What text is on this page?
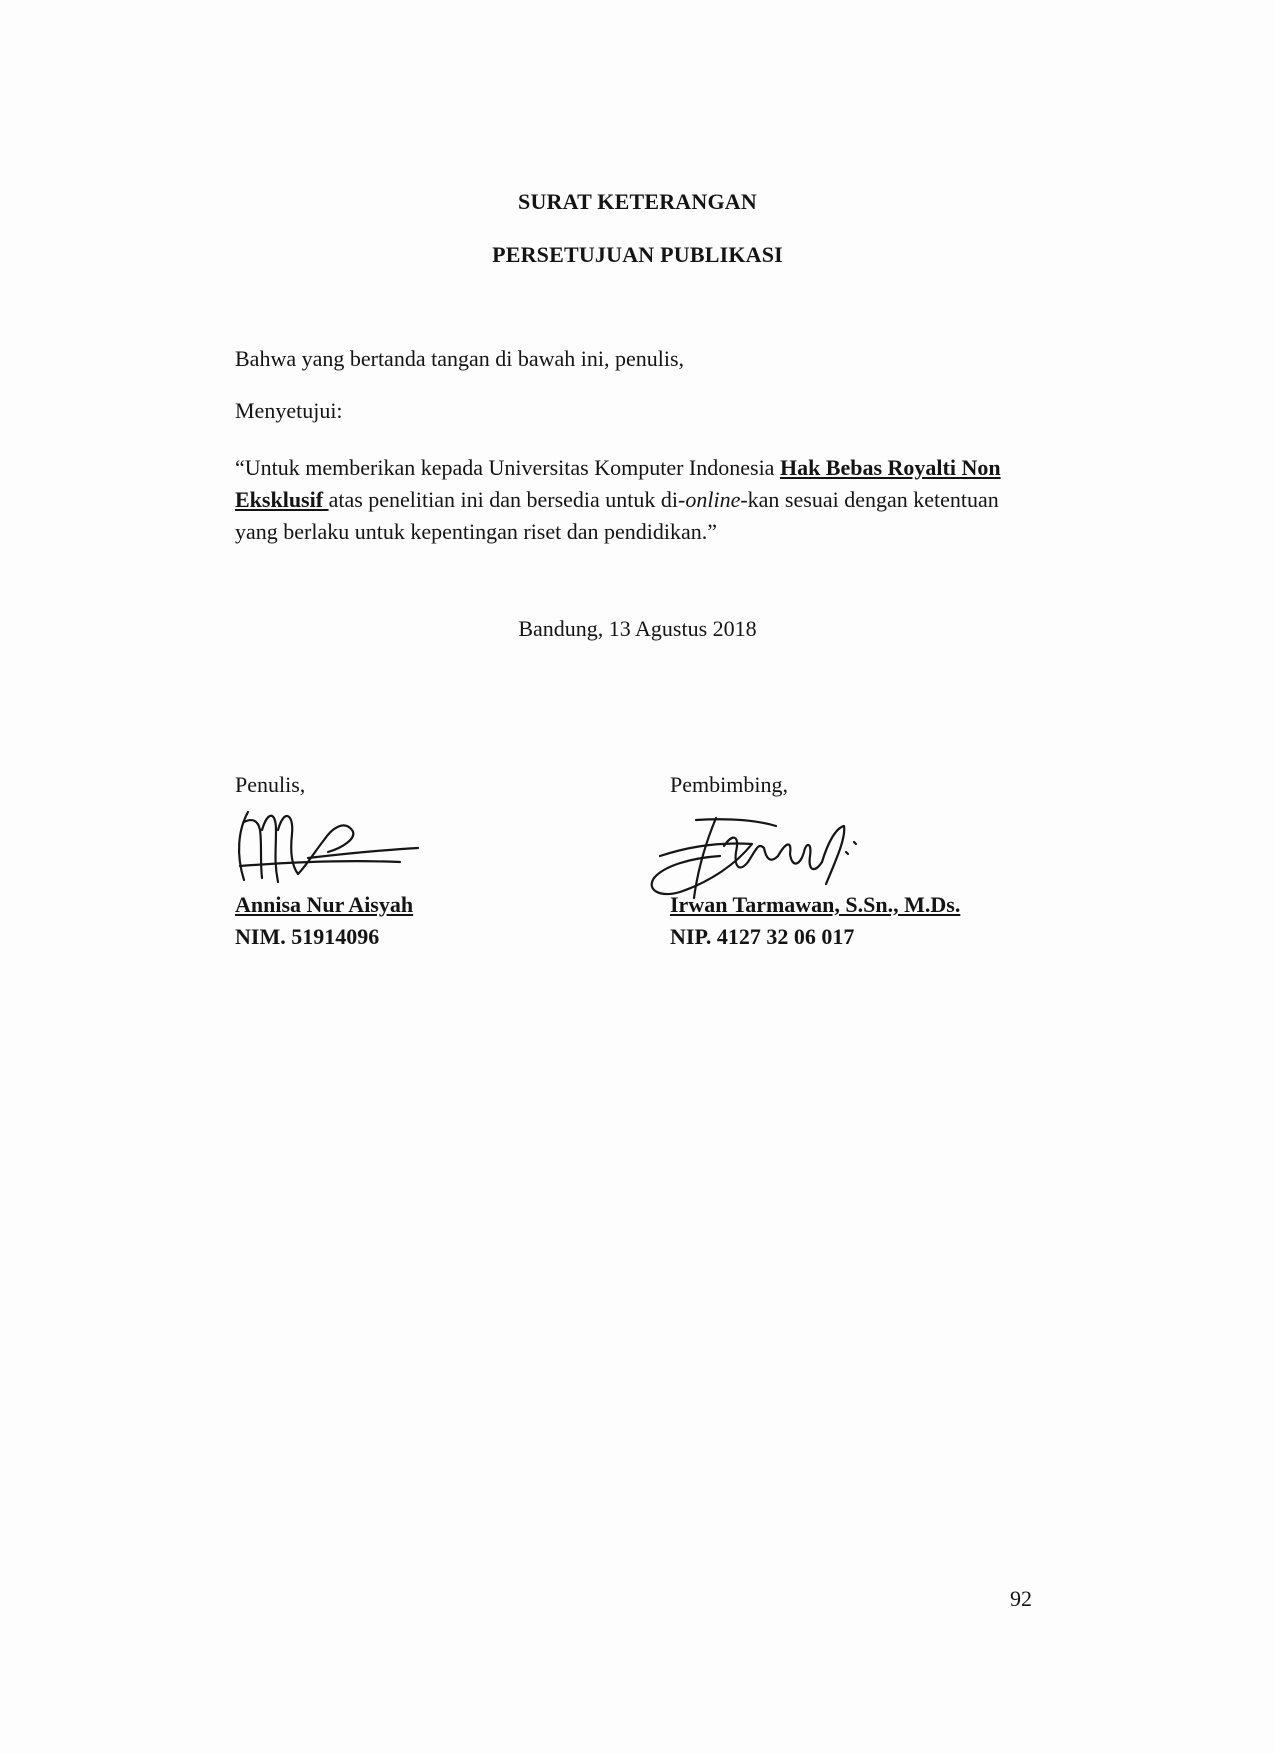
SURAT KETERANGAN
PERSETUJUAN PUBLIKASI
Bahwa yang bertanda tangan di bawah ini, penulis,
Menyetujui:
“Untuk memberikan kepada Universitas Komputer Indonesia Hak Bebas Royalti Non Eksklusif atas penelitian ini dan bersedia untuk di-online-kan sesuai dengan ketentuan yang berlaku untuk kepentingan riset dan pendidikan.”
Bandung, 13 Agustus 2018
Penulis,
Annisa Nur Aisyah
NIM. 51914096
Pembimbing,
Irwan Tarmawan, S.Sn., M.Ds.
NIP. 4127 32 06 017
92
